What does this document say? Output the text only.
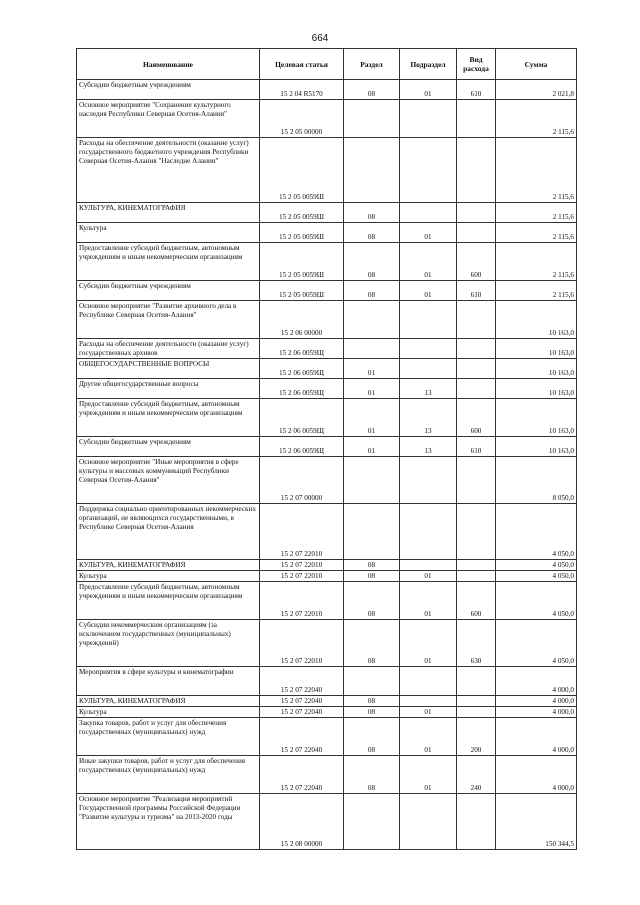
664
Наименование	Целевая статья	Раздел	Подраздел	Вид расхода	Сумма
Субсидии бюджетным учреждениям	15 2 04 R5170	08	01	610	2 021,8
Основное мероприятие "Сохранение культурного наследия Республики Северная Осетия-Алания"	15 2 05 00000				2 115,6
Расходы на обеспечение деятельности (оказание услуг) государственного бюджетного учреждения Республики Северная Осетия-Алания "Наследие Алании"	15 2 05 0059Ш				2 115,6
КУЛЬТУРА, КИНЕМАТОГРАФИЯ	15 2 05 0059Ш	08			2 115,6
Культура	15 2 05 0059Ш	08	01		2 115,6
Предоставление субсидий бюджетным, автономным учреждениям и иным некоммерческим организациям	15 2 05 0059Ш	08	01	600	2 115,6
Субсидии бюджетным учреждениям	15 2 05 0059Ш	08	01	610	2 115,6
Основное мероприятие "Развитие архивного дела в Республике Северная Осетия-Алания"	15 2 06 00000				10 163,0
Расходы на обеспечение деятельности (оказание услуг) государственных архивов	15 2 06 0059Щ				10 163,0
ОБЩЕГОСУДАРСТВЕННЫЕ ВОПРОСЫ	15 2 06 0059Щ	01			10 163,0
Другие общегосударственные вопросы	15 2 06 0059Щ	01	13		10 163,0
Предоставление субсидий бюджетным, автономным учреждениям и иным некоммерческим организациям	15 2 06 0059Щ	01	13	600	10 163,0
Субсидии бюджетным учреждениям	15 2 06 0059Щ	01	13	610	10 163,0
Основное мероприятие "Иные мероприятия в сфере культуры и массовых коммуникаций Республики Северная Осетия-Алания"	15 2 07 00000				8 050,0
Поддержка социально ориентированных некоммерческих организаций, не являющихся государственными, в Республике Северная Осетия-Алания	15 2 07 22010				4 050,0
КУЛЬТУРА, КИНЕМАТОГРАФИЯ	15 2 07 22010	08			4 050,0
Культура	15 2 07 22010	08	01		4 050,0
Предоставление субсидий бюджетным, автономным учреждениям и иным некоммерческим организациям	15 2 07 22010	08	01	600	4 050,0
Субсидии некоммерческим организациям (за исключением государственных (муниципальных) учреждений)	15 2 07 22010	08	01	630	4 050,0
Мероприятия в сфере культуры и кинематографии	15 2 07 22040				4 000,0
КУЛЬТУРА, КИНЕМАТОГРАФИЯ	15 2 07 22040	08			4 000,0
Культура	15 2 07 22040	08	01		4 000,0
Закупка товаров, работ и услуг для обеспечения государственных (муниципальных) нужд	15 2 07 22040	08	01	200	4 000,0
Иные закупки товаров, работ и услуг для обеспечения государственных (муниципальных) нужд	15 2 07 22040	08	01	240	4 000,0
Основное мероприятие "Реализация мероприятий Государственной программы Российской Федерации "Развитие культуры и туризма" на 2013-2020 годы	15 2 08 00000				150 344,5
